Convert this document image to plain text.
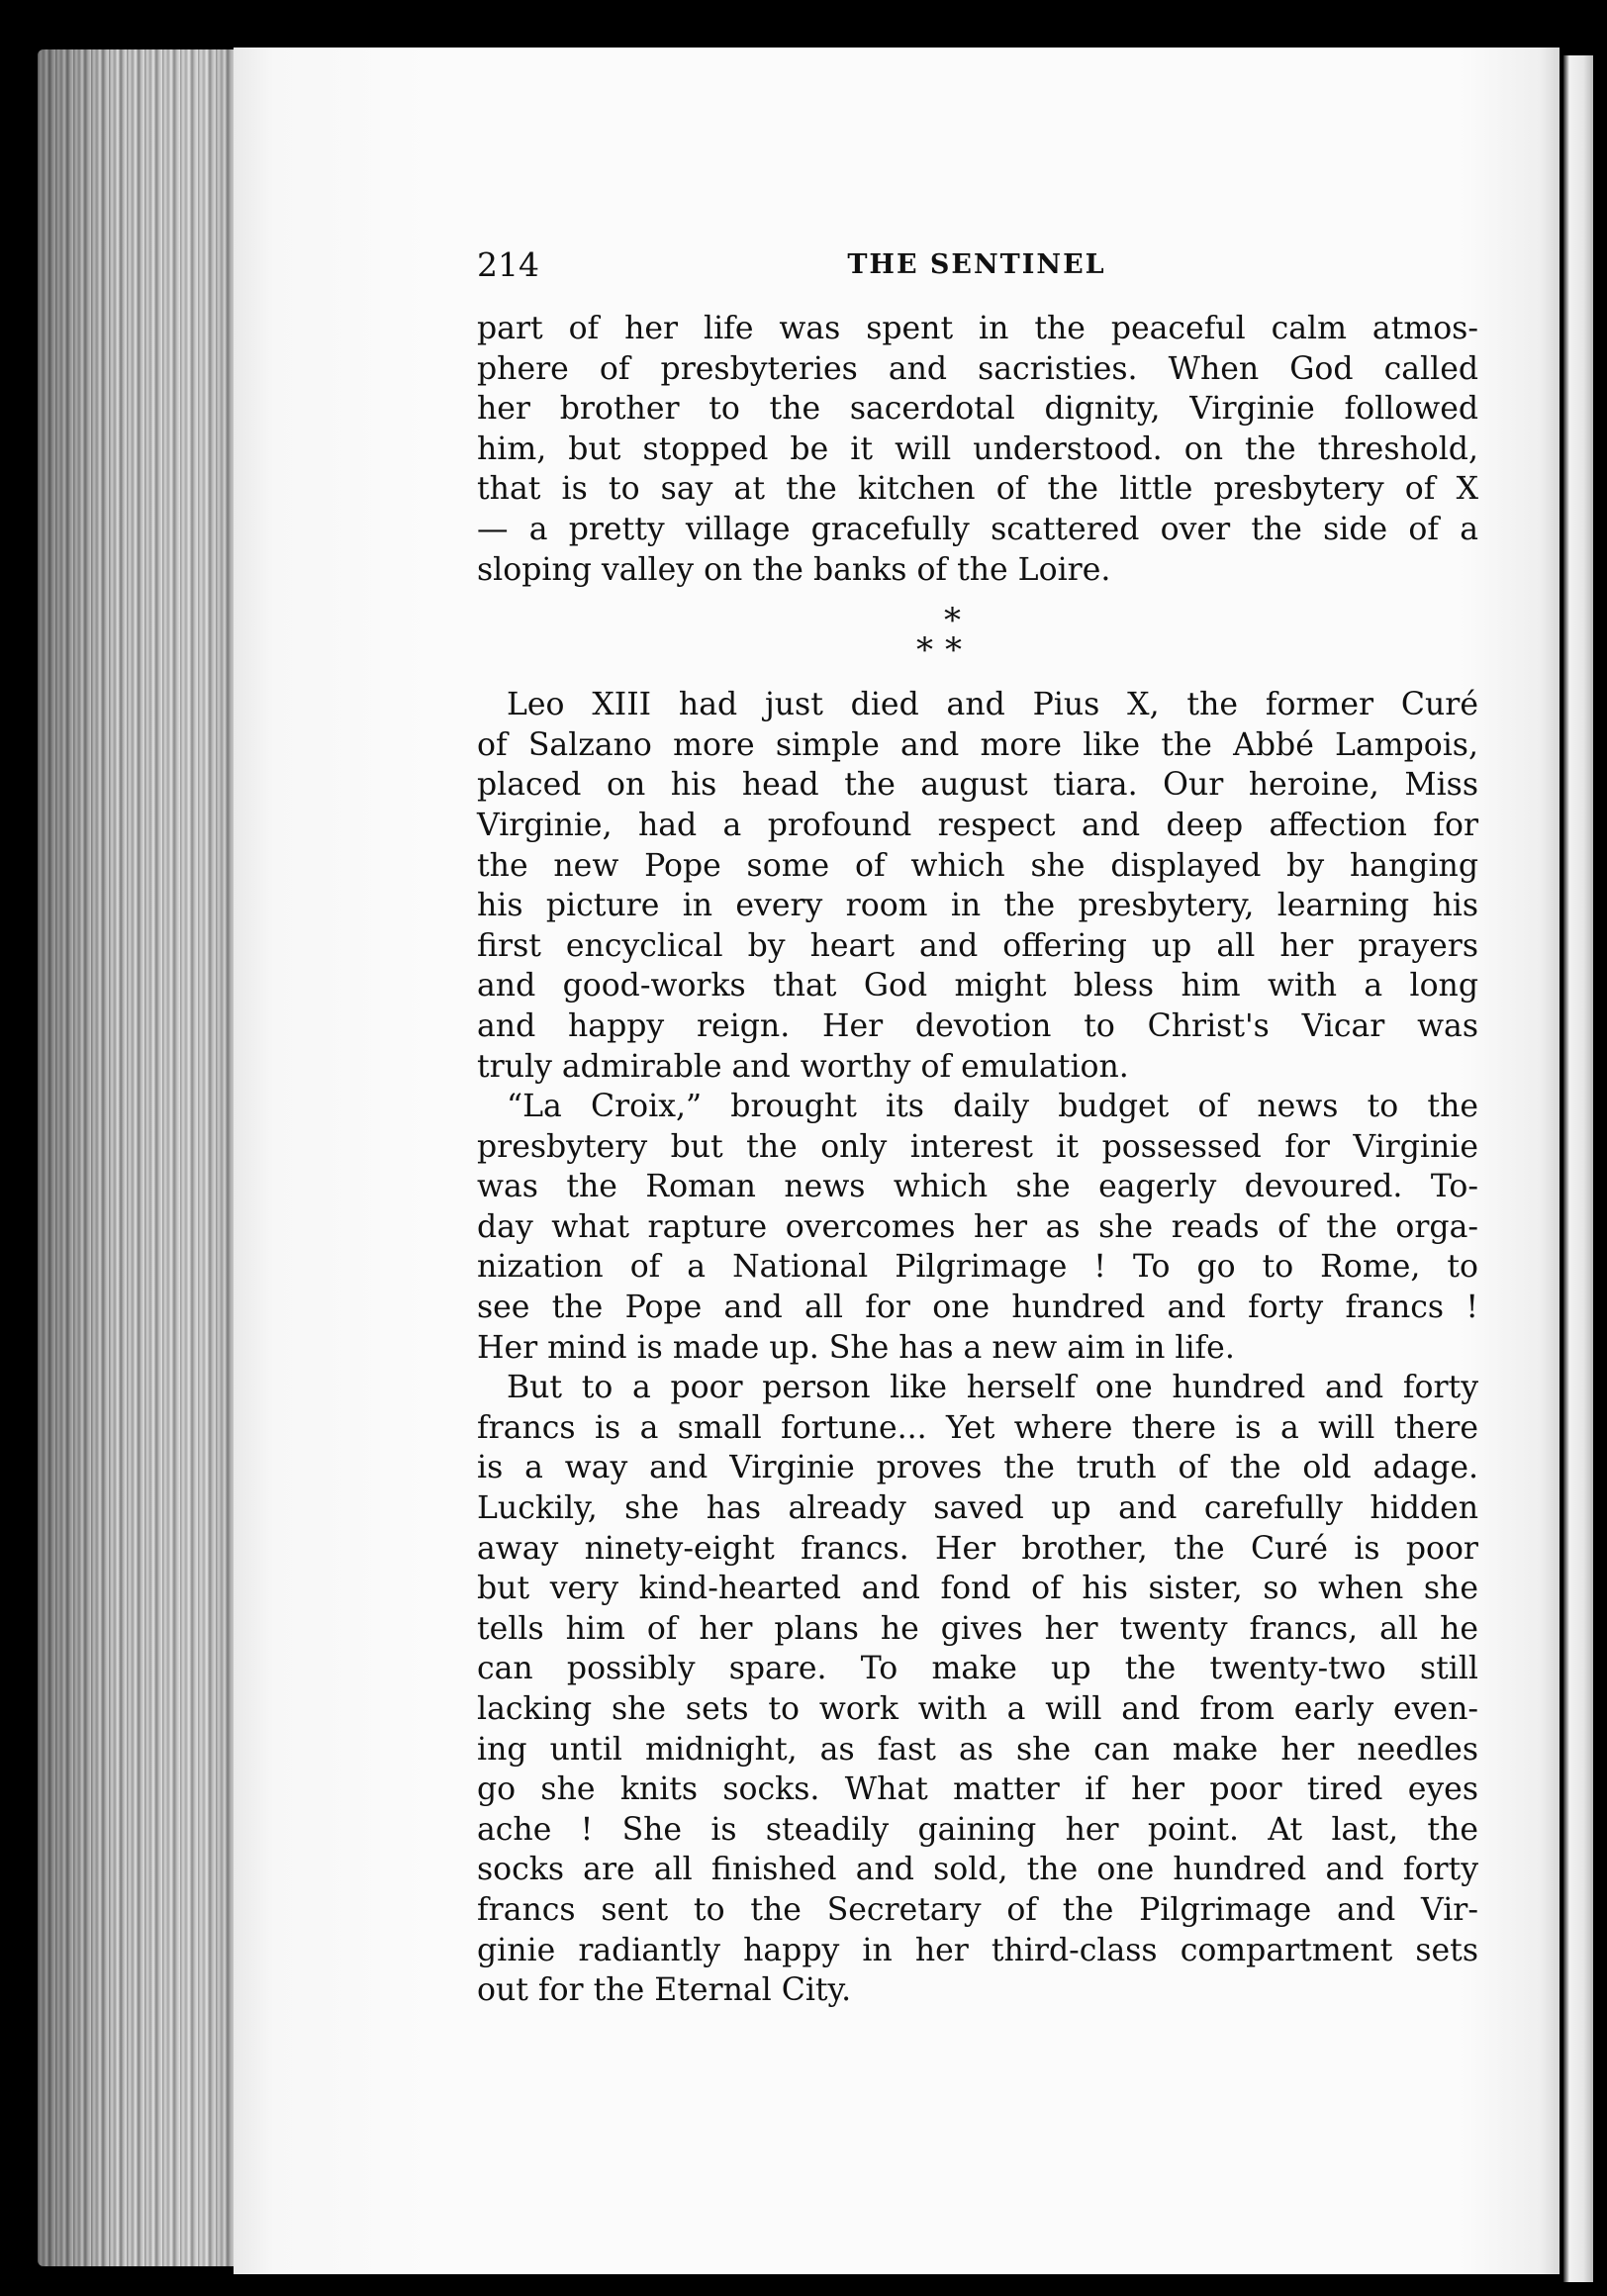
214	THE SENTINEL
part of her life was spent in the peaceful calm atmos-
phere of presbyteries and sacristies. When God called
her brother to the sacerdotal dignity, Virginie followed
him, but stopped be it will understood. on the threshold,
that is to say at the kitchen of the little presbytery of X
— a pretty village gracefully scattered over the side of a
sloping valley on the banks of the Loire.
*
**
Leo XIII had just died and Pius X, the former Curé
of Salzano more simple and more like the Abbé Lampois,
placed on his head the august tiara. Our heroine, Miss
Virginie, had a profound respect and deep affection for
the new Pope some of which she displayed by hanging
his picture in every room in the presbytery, learning his
first encyclical by heart and offering up all her prayers
and good-works that God might bless him with a long
and happy reign. Her devotion to Christ's Vicar was
truly admirable and worthy of emulation.
“La Croix,” brought its daily budget of news to the
presbytery but the only interest it possessed for Virginie
was the Roman news which she eagerly devoured. To-
day what rapture overcomes her as she reads of the orga-
nization of a National Pilgrimage ! To go to Rome, to
see the Pope and all for one hundred and forty francs !
Her mind is made up. She has a new aim in life.
But to a poor person like herself one hundred and forty
francs is a small fortune... Yet where there is a will there
is a way and Virginie proves the truth of the old adage.
Luckily, she has already saved up and carefully hidden
away ninety-eight francs. Her brother, the Curé is poor
but very kind-hearted and fond of his sister, so when she
tells him of her plans he gives her twenty francs, all he
can possibly spare. To make up the twenty-two still
lacking she sets to work with a will and from early even-
ing until midnight, as fast as she can make her needles
go she knits socks. What matter if her poor tired eyes
ache ! She is steadily gaining her point. At last, the
socks are all finished and sold, the one hundred and forty
francs sent to the Secretary of the Pilgrimage and Vir-
ginie radiantly happy in her third-class compartment sets
out for the Eternal City.
